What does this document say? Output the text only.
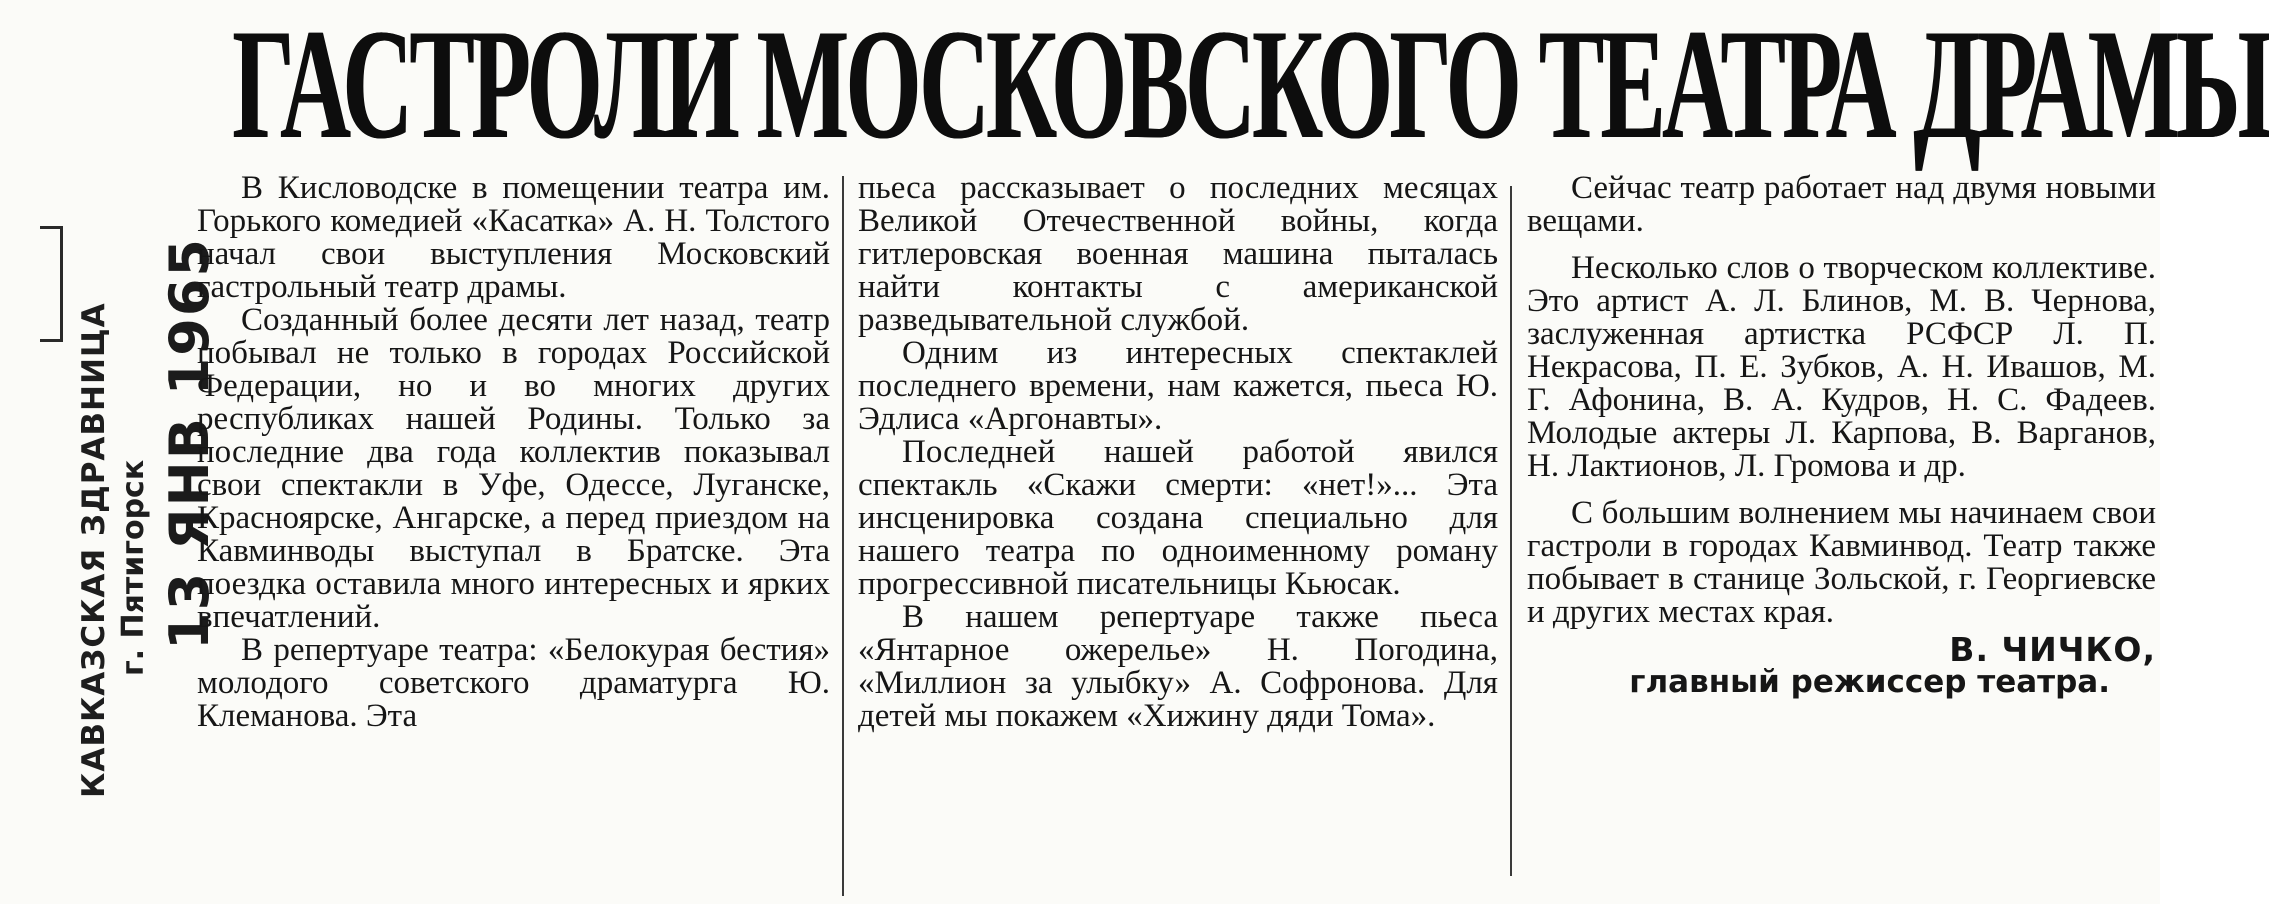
ГАСТРОЛИ МОСКОВСКОГО ТЕАТРА ДРАМЫ
КАВКАЗСКАЯ ЗДРАВНИЦА г. Пятигорск 13 ЯНВ 1965

В Кисловодске в помещении театра им. Горького комедией «Касатка» А. Н. Толстого начал свои выступления Московский гастрольный театр драмы.

Созданный более десяти лет назад, театр побывал не только в городах Российской Федерации, но и во многих других республиках нашей Родины. Только за последние два года коллектив показывал свои спектакли в Уфе, Одессе, Луганске, Красноярске, Ангарске, а перед приездом на Кавминводы выступал в Братске. Эта поездка оставила много интересных и ярких впечатлений.

В репертуаре театра: «Белокурая бестия» молодого советского драматурга Ю. Клеманова. Эта

пьеса рассказывает о последних месяцах Великой Отечественной войны, когда гитлеровская военная машина пыталась найти контакты с американской разведывательной службой.

Одним из интересных спектаклей последнего времени, нам кажется, пьеса Ю. Эдлиса «Аргонавты».

Последней нашей работой явился спектакль «Скажи смерти: «нет!»... Эта инсценировка создана специально для нашего театра по одноименному роману прогрессивной писательницы Кьюсак.

В нашем репертуаре также пьеса «Янтарное ожерелье» Н. Погодина, «Миллион за улыбку» А. Софронова. Для детей мы покажем «Хижину дяди Тома».

Сейчас театр работает над двумя новыми вещами.

Несколько слов о творческом коллективе. Это артист А. Л. Блинов, М. В. Чернова, заслуженная артистка РСФСР Л. П. Некрасова, П. Е. Зубков, А. Н. Ивашов, М. Г. Афонина, В. А. Кудров, Н. С. Фадеев. Молодые актеры Л. Карпова, В. Варганов, Н. Лактионов, Л. Громова и др.

С большим волнением мы начинаем свои гастроли в городах Кавминвод. Театр также побывает в станице Зольской, г. Георгиевске и других местах края.

В. ЧИЧКО,

главный режиссер театра.
